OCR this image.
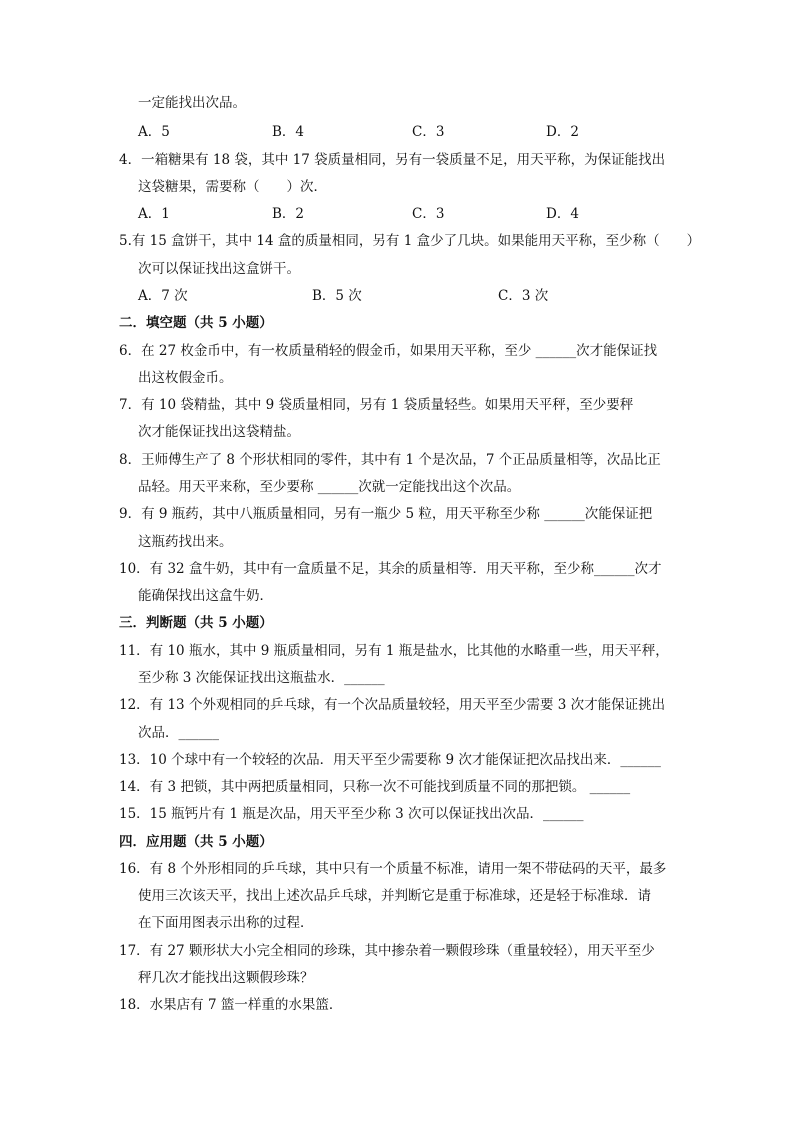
一定能找出次品。
A．5	B．4	C．3	D．2
4．一箱糖果有 18 袋，其中 17 袋质量相同，另有一袋质量不足，用天平称，为保证能找出
这袋糖果，需要称（　　）次．
A．1	B．2	C．3	D．4
5.有 15 盒饼干，其中 14 盒的质量相同，另有 1 盒少了几块。如果能用天平称，至少称（　　）
次可以保证找出这盒饼干。
A．7 次	B．5 次	C．3 次
二．填空题（共 5 小题）
6．在 27 枚金币中，有一枚质量稍轻的假金币，如果用天平称，至少 ______次才能保证找
出这枚假金币。
7．有 10 袋精盐，其中 9 袋质量相同，另有 1 袋质量轻些。如果用天平秤，至少要秤
次才能保证找出这袋精盐。
8．王师傅生产了 8 个形状相同的零件，其中有 1 个是次品，7 个正品质量相等，次品比正
品轻。用天平来称，至少要称 ______次就一定能找出这个次品。
9．有 9 瓶药，其中八瓶质量相同，另有一瓶少 5 粒，用天平称至少称 ______次能保证把
这瓶药找出来。
10．有 32 盒牛奶，其中有一盒质量不足，其余的质量相等．用天平称，至少称______次才
能确保找出这盒牛奶．
三．判断题（共 5 小题）
11．有 10 瓶水，其中 9 瓶质量相同，另有 1 瓶是盐水，比其他的水略重一些，用天平秤，
至少称 3 次能保证找出这瓶盐水．______
12．有 13 个外观相同的乒乓球，有一个次品质量较轻，用天平至少需要 3 次才能保证挑出
次品．______
13．10 个球中有一个较轻的次品．用天平至少需要称 9 次才能保证把次品找出来．______
14．有 3 把锁，其中两把质量相同，只称一次不可能找到质量不同的那把锁。 ______
15．15 瓶钙片有 1 瓶是次品，用天平至少称 3 次可以保证找出次品．______
四．应用题（共 5 小题）
16．有 8 个外形相同的乒乓球，其中只有一个质量不标准，请用一架不带砝码的天平，最多
使用三次该天平，找出上述次品乒乓球，并判断它是重于标准球，还是轻于标准球．请
在下面用图表示出称的过程．
17．有 27 颗形状大小完全相同的珍珠，其中掺杂着一颗假珍珠（重量较轻），用天平至少
秤几次才能找出这颗假珍珠？
18．水果店有 7 篮一样重的水果篮．
